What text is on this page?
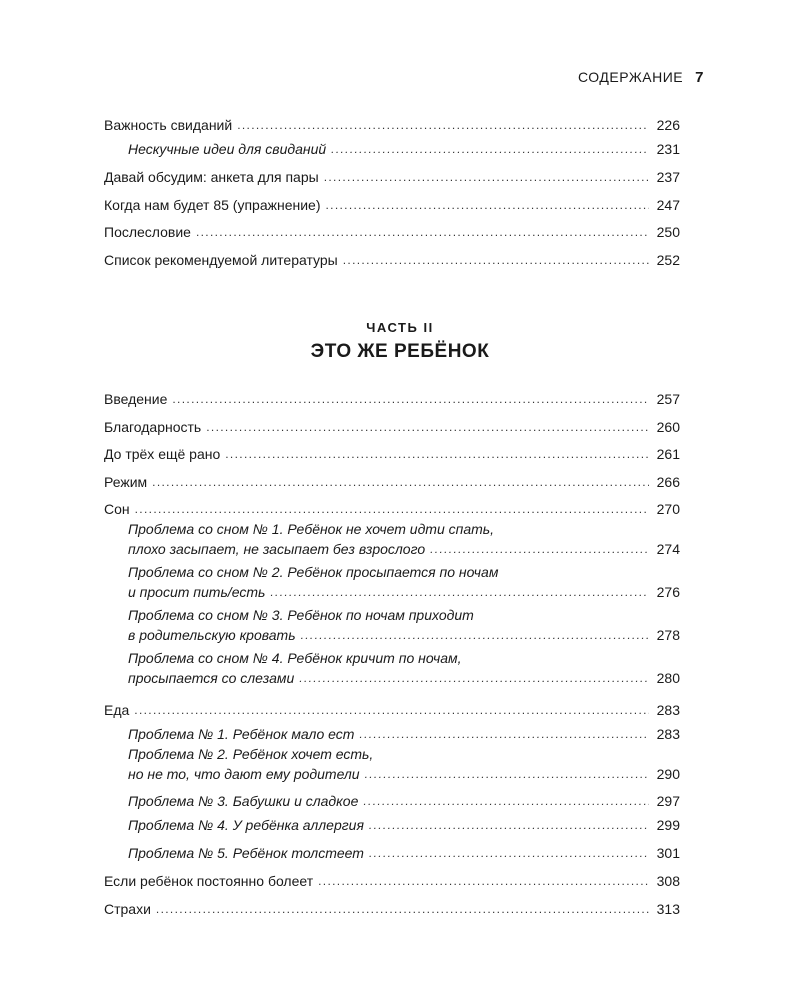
СОДЕРЖАНИЕ 7
Важность свиданий . . .	226
Нескучные идеи для свиданий . . .	231
Давай обсудим: анкета для пары . . .	237
Когда нам будет 85 (упражнение) . . .	247
Послесловие . . .	250
Список рекомендуемой литературы . . .	252
ЧАСТЬ II
ЭТО ЖЕ РЕБЁНОК
Введение . . .	257
Благодарность . . .	260
До трёх ещё рано . . .	261
Режим . . .	266
Сон . . .	270
Проблема со сном № 1. Ребёнок не хочет идти спать,
плохо засыпает, не засыпает без взрослого . . .	274
Проблема со сном № 2. Ребёнок просыпается по ночам
и просит пить/есть . . .	276
Проблема со сном № 3. Ребёнок по ночам приходит
в родительскую кровать . . .	278
Проблема со сном № 4. Ребёнок кричит по ночам,
просыпается со слезами . . .	280
Еда . . .	283
Проблема № 1. Ребёнок мало ест . . .	283
Проблема № 2. Ребёнок хочет есть,
но не то, что дают ему родители . . .	290
Проблема № 3. Бабушки и сладкое . . .	297
Проблема № 4. У ребёнка аллергия . . .	299
Проблема № 5. Ребёнок толстеет . . .	301
Если ребёнок постоянно болеет . . .	308
Страхи . . .	313
